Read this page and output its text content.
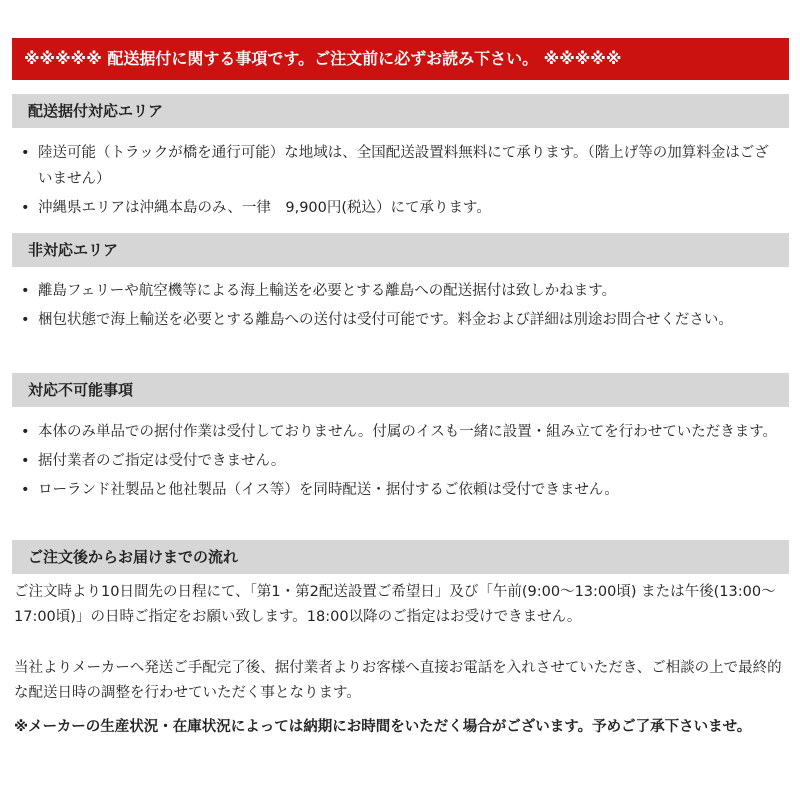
※※※※※ 配送据付に関する事項です。ご注文前に必ずお読み下さい。 ※※※※※
配送据付対応エリア
• 陸送可能（トラックが橋を通行可能）な地域は、全国配送設置料無料にて承ります。（階上げ等の加算料金はございません）
• 沖縄県エリアは沖縄本島のみ、一律　9,900円(税込）にて承ります。
非対応エリア
• 離島フェリーや航空機等による海上輸送を必要とする離島への配送据付は致しかねます。
• 梱包状態で海上輸送を必要とする離島への送付は受付可能です。料金および詳細は別途お問合せください。
対応不可能事項
• 本体のみ単品での据付作業は受付しておりません。付属のイスも一緒に設置・組み立てを行わせていただきます。
• 据付業者のご指定は受付できません。
• ローランド社製品と他社製品（イス等）を同時配送・据付するご依頼は受付できません。
ご注文後からお届けまでの流れ

ご注文時より10日間先の日程にて、「第1・第2配送設置ご希望日」及び「午前(9:00～13:00頃) または午後(13:00～17:00頃)」の日時ご指定をお願い致します。18:00以降のご指定はお受けできません。

当社よりメーカーへ発送ご手配完了後、据付業者よりお客様へ直接お電話を入れさせていただき、ご相談の上で最終的な配送日時の調整を行わせていただく事となります。

※メーカーの生産状況・在庫状況によっては納期にお時間をいただく場合がございます。予めご了承下さいませ。
